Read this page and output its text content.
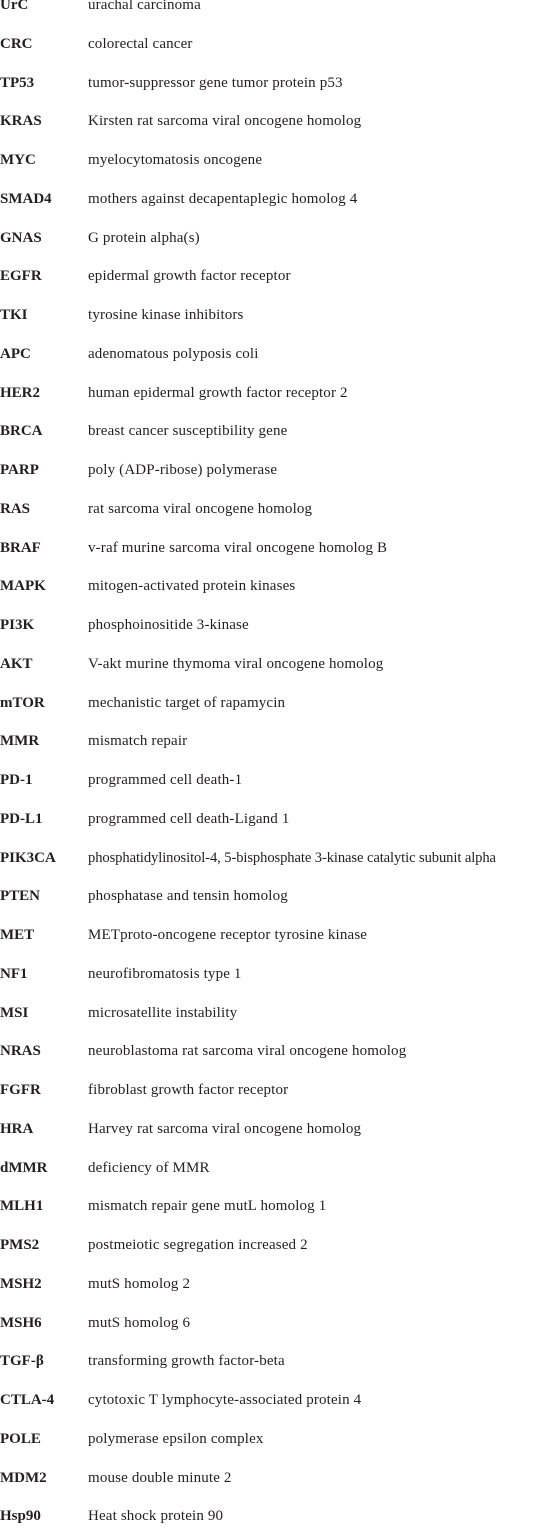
UrC	urachal carcinoma
CRC	colorectal cancer
TP53	tumor-suppressor gene tumor protein p53
KRAS	Kirsten rat sarcoma viral oncogene homolog
MYC	myelocytomatosis oncogene
SMAD4 mothers against decapentaplegic homolog 4
GNAS	G protein alpha(s)
EGFR	epidermal growth factor receptor
TKI	tyrosine kinase inhibitors
APC	adenomatous polyposis coli
HER2	human epidermal growth factor receptor 2
BRCA	breast cancer susceptibility gene
PARP	poly (ADP-ribose) polymerase
RAS	rat sarcoma viral oncogene homolog
BRAF	v-raf murine sarcoma viral oncogene homolog B
MAPK	mitogen-activated protein kinases
PI3K	phosphoinositide 3-kinase
AKT	V-akt murine thymoma viral oncogene homolog
mTOR	mechanistic target of rapamycin
MMR	mismatch repair
PD-1	programmed cell death-1
PD-L1	programmed cell death-Ligand 1
PIK3CA phosphatidylinositol-4, 5-bisphosphate 3-kinase catalytic subunit alpha
PTEN	phosphatase and tensin homolog
MET	METproto-oncogene receptor tyrosine kinase
NF1	neurofibromatosis type 1
MSI	microsatellite instability
NRAS	neuroblastoma rat sarcoma viral oncogene homolog
FGFR	fibroblast growth factor receptor
HRA	Harvey rat sarcoma viral oncogene homolog
dMMR	deficiency of MMR
MLH1	mismatch repair gene mutL homolog 1
PMS2	postmeiotic segregation increased 2
MSH2	mutS homolog 2
MSH6	mutS homolog 6
TGF-β	transforming growth factor-beta
CTLA-4 cytotoxic T lymphocyte-associated protein 4
POLE	polymerase epsilon complex
MDM2	mouse double minute 2
Hsp90	Heat shock protein 90
